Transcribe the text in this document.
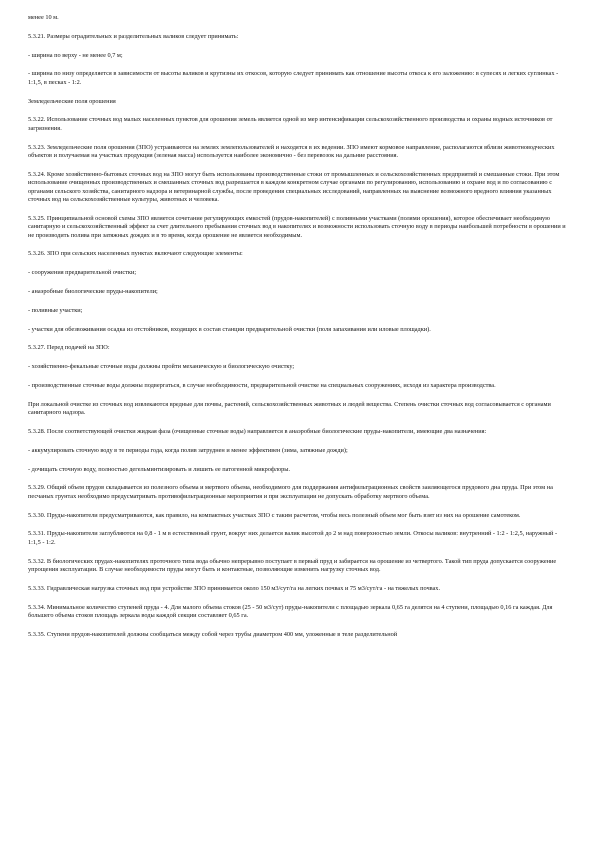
менее 10 м.

5.3.21. Размеры оградительных и разделительных валиков следует принимать:

- ширина по верху - не менее 0,7 м;

- ширина по низу определяется в зависимости от высоты валиков и крутизны их откосов, которую следует принимать как отношение высоты откоса к его заложению: в супесях и легких суглинках - 1:1,5, в песках - 1:2.

Земледельческие поля орошения

5.3.22. Использование сточных вод малых населенных пунктов для орошения земель является одной из мер интенсификации сельскохозяйственного производства и охраны водных источников от загрязнения.

5.3.23. Земледельческие поля орошения (ЗПО) устраиваются на землях землепользователей и находятся в их ведении. ЗПО имеют кормовое направление, располагаются вблизи животноводческих объектов и получаемая на участках продукция (зеленая масса) используется наиболее экономично - без перевозок на дальние расстояния.

5.3.24. Кроме хозяйственно-бытовых сточных вод на ЗПО могут быть использованы производственные стоки от промышленных и сельскохозяйственных предприятий и смешанные стоки. При этом использование очищенных производственных и смешанных сточных вод разрешается в каждом конкретном случае органами по регулированию, использованию и охране вод и по согласованию с органами сельского хозяйства, санитарного надзора и ветеринарной службы, после проведения специальных исследований, направленных на выяснение возможного вредного влияния указанных сточных вод на сельскохозяйственные культуры, животных и человека.

5.3.25. Принципиальной основой схемы ЗПО является сочетание регулирующих емкостей (прудов-накопителей) с поливными участками (полями орошения), которое обеспечивает необходимую санитарную и сельскохозяйственный эффект за счет длительного пребывания сточных вод в накопителях и возможности использовать сточную воду в периоды наибольшей потребности в орошении и не производить полива при затяжных дождях и в то время, когда орошение не является необходимым.

5.3.26. ЗПО при сельских населенных пунктах включают следующие элементы:

- сооружения предварительной очистки;

- анаэробные биологические пруды-накопители;

- поливные участки;

- участки для обезвоживания осадка из отстойников, входящих в состав станции предварительной очистки (поля запахивания или иловые площадки).

5.3.27. Перед подачей на ЗПО:

- хозяйственно-фекальные сточные воды должны пройти механическую и биологическую очистку;

- производственные сточные воды должны подвергаться, в случае необходимости, предварительной очистке на специальных сооружениях, исходя из характера производства.

При локальной очистке из сточных вод извлекаются вредные для почвы, растений, сельскохозяйственных животных и людей вещества. Степень очистки сточных вод согласовывается с органами санитарного надзора.

5.3.28. После соответствующей очистки жидкая фаза (очищенные сточные воды) направляется в анаэробные биологические пруды-накопители, имеющие два назначения:

- аккумулировать сточную воду в те периоды года, когда полив затруднен и менее эффективен (зима, затяжные дожди);

- дочищать сточную воду, полностью дегельминтизировать и лишить ее патогенной микрофлоры.

5.3.29. Общий объем прудов складывается из полезного объема и мертвого объема, необходимого для поддержания антифильтрационных свойств заиляющегося прудового дна пруда. При этом на песчаных грунтах необходимо предусматривать противофильтрационные мероприятия и при эксплуатации не допускать обработку мертвого объема.

5.3.30. Пруды-накопители предусматриваются, как правило, на компактных участках ЗПО с таким расчетом, чтобы весь полезный объем мог быть взят из них на орошение самотеком.

5.3.31. Пруды-накопители заглубляются на 0,8 - 1 м в естественный грунт, вокруг них делается валик высотой до 2 м над поверхностью земли. Откосы валиков: внутренний - 1:2 - 1:2,5, наружный - 1:1,5 - 1:2.

5.3.32. В биологических прудах-накопителях проточного типа вода обычно непрерывно поступает в первый пруд и забирается на орошение из четвертого. Такой тип пруда допускается сооружение упрощения эксплуатации. В случае необходимости пруды могут быть и контактные, позволяющие изменить нагрузку сточных вод.

5.3.33. Гидравлическая нагрузка сточных вод при устройстве ЗПО принимается около 150 м3/сут/га на легких почвах и 75 м3/сут/га - на тяжелых почвах.

5.3.34. Минимальное количество ступеней пруда - 4. Для малого объема стоков (25 - 50 м3/сут) пруды-накопители с площадью зеркала 0,65 га делятся на 4 ступени, площадью 0,16 га каждая. Для большего объема стоков площадь зеркала воды каждой секции составляет 0,65 га.

5.3.35. Ступени прудов-накопителей должны сообщаться между собой через трубы диаметром 400 мм, уложенные в теле разделительной
